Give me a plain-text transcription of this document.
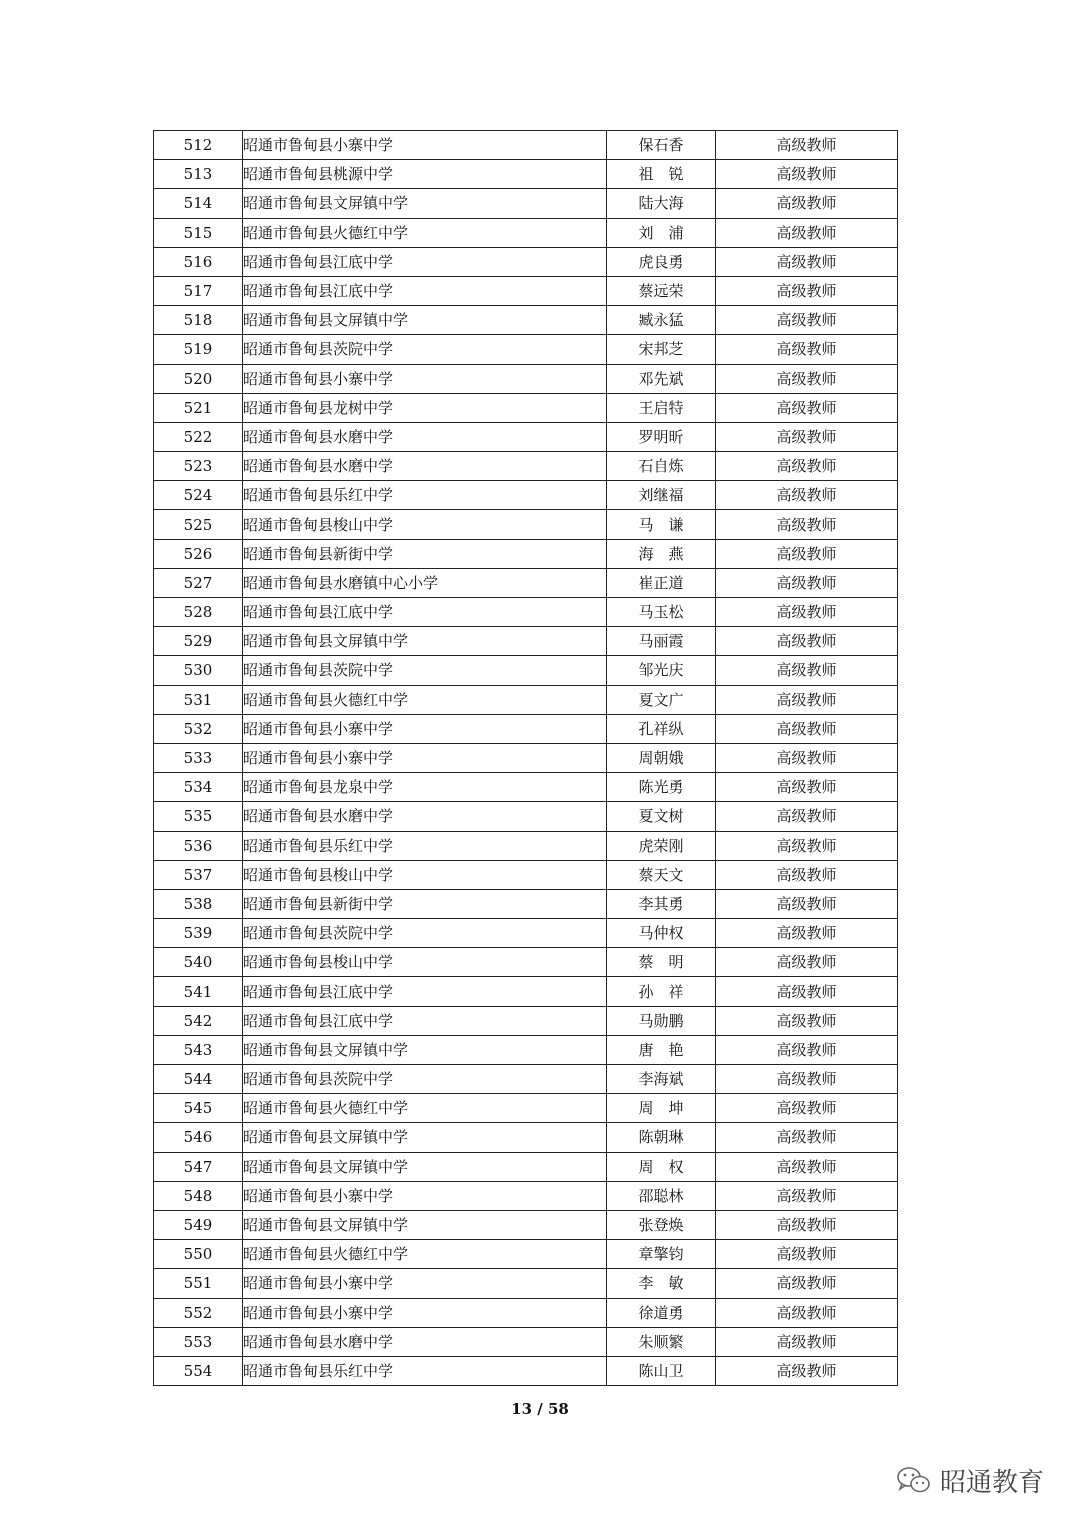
512	昭通市鲁甸县小寨中学	保石香	高级教师
513	昭通市鲁甸县桃源中学	祖　锐	高级教师
514	昭通市鲁甸县文屏镇中学	陆大海	高级教师
515	昭通市鲁甸县火德红中学	刘　浦	高级教师
516	昭通市鲁甸县江底中学	虎良勇	高级教师
517	昭通市鲁甸县江底中学	蔡远荣	高级教师
518	昭通市鲁甸县文屏镇中学	臧永猛	高级教师
519	昭通市鲁甸县茨院中学	宋邦芝	高级教师
520	昭通市鲁甸县小寨中学	邓先斌	高级教师
521	昭通市鲁甸县龙树中学	王启特	高级教师
522	昭通市鲁甸县水磨中学	罗明昕	高级教师
523	昭通市鲁甸县水磨中学	石自炼	高级教师
524	昭通市鲁甸县乐红中学	刘继福	高级教师
525	昭通市鲁甸县梭山中学	马　谦	高级教师
526	昭通市鲁甸县新街中学	海　燕	高级教师
527	昭通市鲁甸县水磨镇中心小学	崔正道	高级教师
528	昭通市鲁甸县江底中学	马玉松	高级教师
529	昭通市鲁甸县文屏镇中学	马丽霞	高级教师
530	昭通市鲁甸县茨院中学	邹光庆	高级教师
531	昭通市鲁甸县火德红中学	夏文广	高级教师
532	昭通市鲁甸县小寨中学	孔祥纵	高级教师
533	昭通市鲁甸县小寨中学	周朝娥	高级教师
534	昭通市鲁甸县龙泉中学	陈光勇	高级教师
535	昭通市鲁甸县水磨中学	夏文树	高级教师
536	昭通市鲁甸县乐红中学	虎荣刚	高级教师
537	昭通市鲁甸县梭山中学	蔡天文	高级教师
538	昭通市鲁甸县新街中学	李其勇	高级教师
539	昭通市鲁甸县茨院中学	马仲权	高级教师
540	昭通市鲁甸县梭山中学	蔡　明	高级教师
541	昭通市鲁甸县江底中学	孙　祥	高级教师
542	昭通市鲁甸县江底中学	马勋鹏	高级教师
543	昭通市鲁甸县文屏镇中学	唐　艳	高级教师
544	昭通市鲁甸县茨院中学	李海斌	高级教师
545	昭通市鲁甸县火德红中学	周　坤	高级教师
546	昭通市鲁甸县文屏镇中学	陈朝琳	高级教师
547	昭通市鲁甸县文屏镇中学	周　权	高级教师
548	昭通市鲁甸县小寨中学	邵聪林	高级教师
549	昭通市鲁甸县文屏镇中学	张登焕	高级教师
550	昭通市鲁甸县火德红中学	章擎钧	高级教师
551	昭通市鲁甸县小寨中学	李　敏	高级教师
552	昭通市鲁甸县小寨中学	徐道勇	高级教师
553	昭通市鲁甸县水磨中学	朱顺繁	高级教师
554	昭通市鲁甸县乐红中学	陈山卫	高级教师
13 / 58
昭通教育
